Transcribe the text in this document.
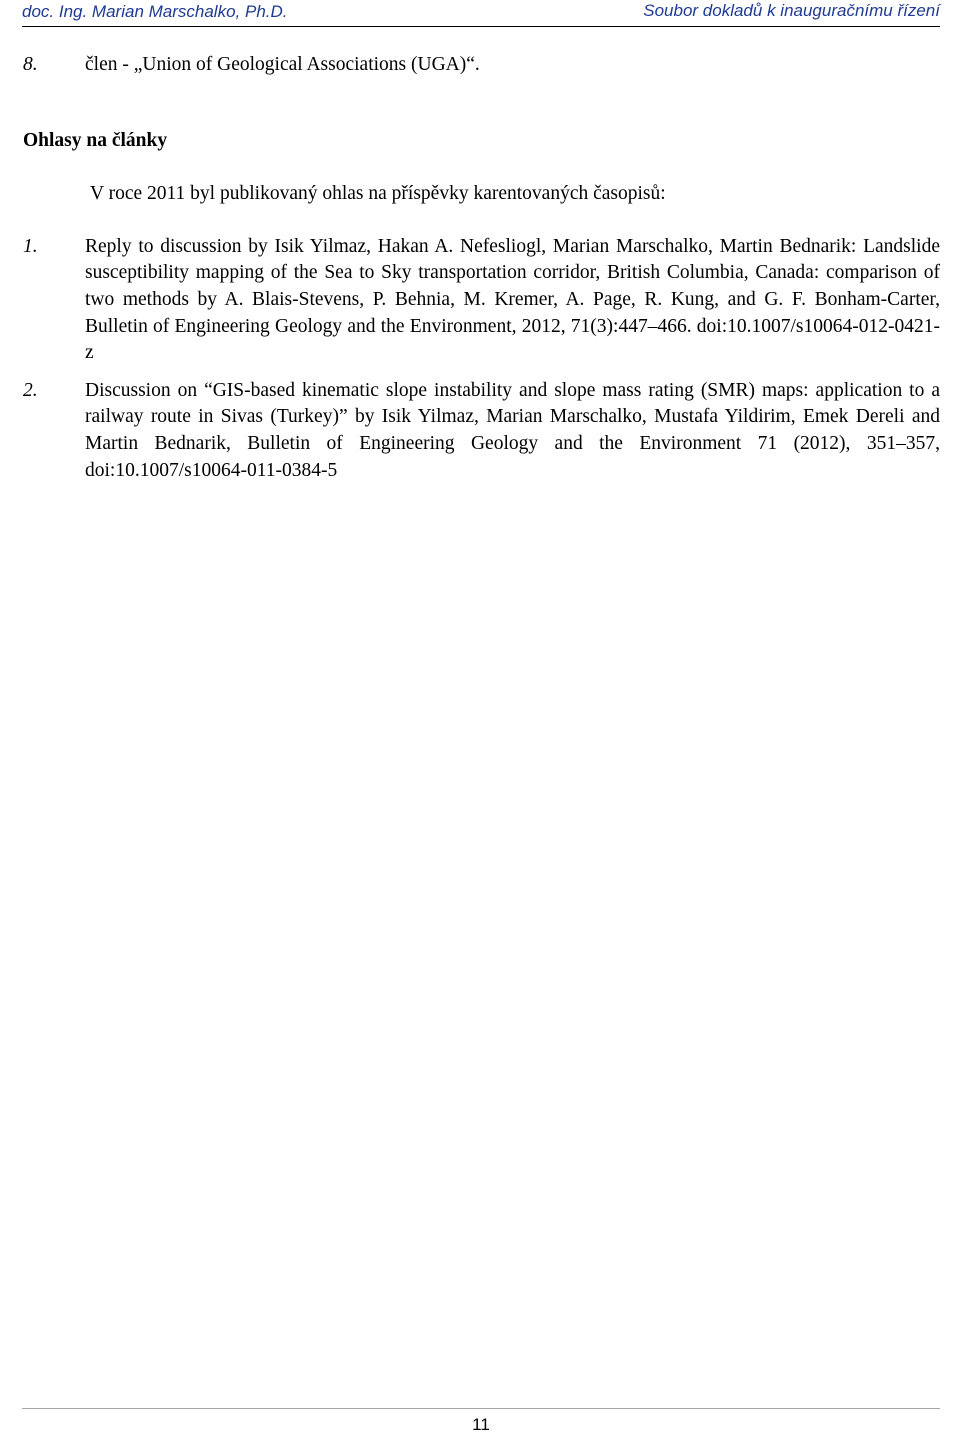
doc. Ing. Marian Marschalko, Ph.D.	Soubor dokladů k inauguračnímu řízení
8.	člen - „Union of Geological Associations (UGA)“.
Ohlasy na články
V roce 2011 byl publikovaný ohlas na příspěvky karentovaných časopisů:
1.	Reply to discussion by Isik Yilmaz, Hakan A. Nefesliogl, Marian Marschalko, Martin Bednarik: Landslide susceptibility mapping of the Sea to Sky transportation corridor, British Columbia, Canada: comparison of two methods by A. Blais-Stevens, P. Behnia, M. Kremer, A. Page, R. Kung, and G. F. Bonham-Carter, Bulletin of Engineering Geology and the Environment, 2012, 71(3):447–466. doi:10.1007/s10064-012-0421-z
2.	Discussion on “GIS-based kinematic slope instability and slope mass rating (SMR) maps: application to a railway route in Sivas (Turkey)” by Isik Yilmaz, Marian Marschalko, Mustafa Yildirim, Emek Dereli and Martin Bednarik, Bulletin of Engineering Geology and the Environment 71 (2012), 351–357, doi:10.1007/s10064-011-0384-5
11
